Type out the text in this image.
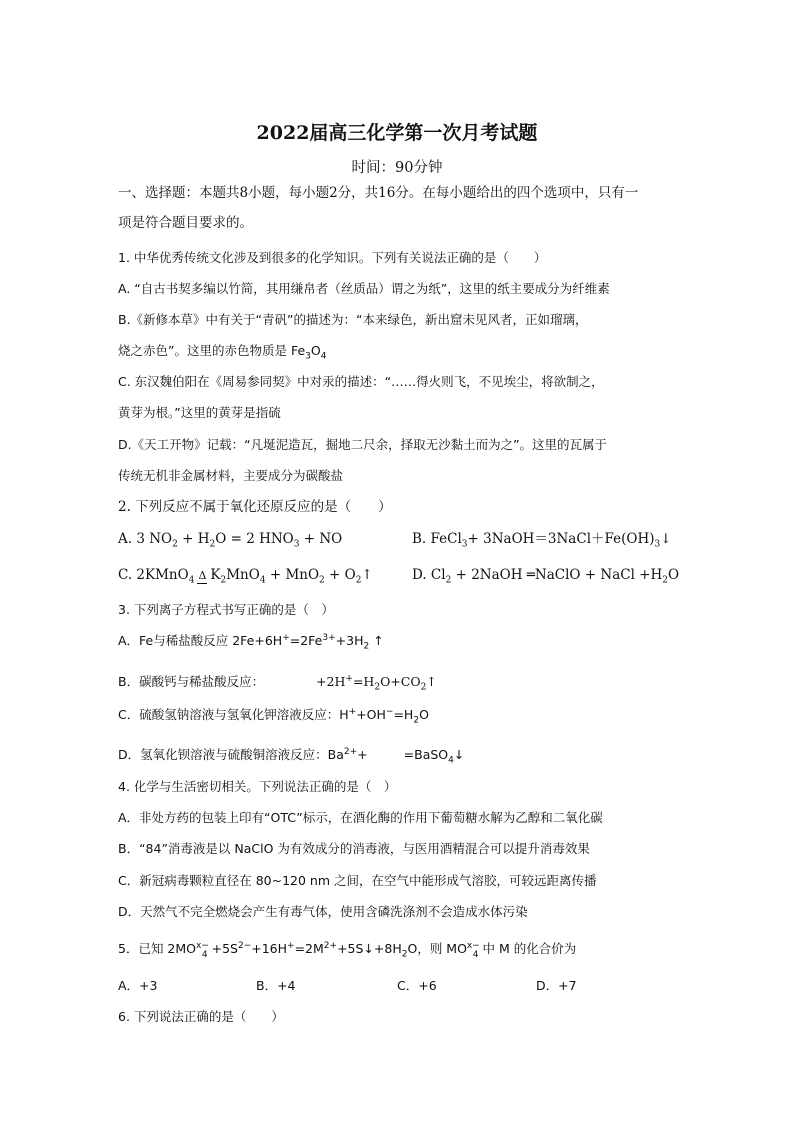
2022届高三化学第一次月考试题
时间：90分钟
一、选择题：本题共8小题，每小题2分，共16分。在每小题给出的四个选项中，只有一
项是符合题目要求的。
1. 中华优秀传统文化涉及到很多的化学知识。下列有关说法正确的是（　　）
A. “自古书契多编以竹简，其用缣帛者（丝质品）谓之为纸”，这里的纸主要成分为纤维素
B.《新修本草》中有关于“青矾”的描述为：“本来绿色，新出窟未见风者，正如瑠璃，
烧之赤色”。这里的赤色物质是 $Fe_3O_4$
C. 东汉魏伯阳在《周易参同契》中对汞的描述：“……得火则飞，不见埃尘，将欲制之，
黄芽为根。”这里的黄芽是指硫
D.《天工开物》记载：“凡埏泥造瓦，掘地二尺余，择取无沙黏土而为之”。这里的瓦属于
传统无机非金属材料，主要成分为碳酸盐
2. 下列反应不属于氧化还原反应的是（　　）
A. 3 $NO_2 + H_2O = 2$ $HNO_3$ + NO	B. FeCl$_3$+ $3NaOH=3NaCl+Fe(OH)_3↓$
C. 2KMnO$_4$ Δ $K_2MnO_4 + MnO_2$ + $O_2↑$	D. $Cl_2$ + 2NaOH ═NaClO + NaCl $+H_2O$
3. 下列离子方程式书写正确的是（　）
A．Fe与稀盐酸反应 $2Fe+6H^+=2Fe^{3+}+3H_2$ ↑
B．碳酸钙与稀盐酸反应：	$+2H^+=H_2O+CO_2↑$
C．硫酸氢钠溶液与氢氧化钾溶液反应：$H^++OH^-=H_2O$
D．氢氧化钡溶液与硫酸铜溶液反应：$Ba^{2+}+$	=BaSO$_4$↓
4. 化学与生活密切相关。下列说法正确的是（　）
A．非处方药的包装上印有“OTC”标示，在酒化酶的作用下葡萄糖水解为乙醇和二氧化碳
B．“84”消毒液是以 NaClO 为有效成分的消毒液，与医用酒精混合可以提升消毒效果
C．新冠病毒颗粒直径在 80~120 nm 之间，在空气中能形成气溶胶，可较远距离传播
D．天然气不完全燃烧会产生有毒气体，使用含磷洗涤剂不会造成水体污染
5．已知 $2MO^{x-}_4$ $+5S^{2-}+16H^+=2M^{2+}+5S↓+8H_2O$，则 $MO^{x-}_4$ 中 M 的化合价为
A．+3	B．+4	C．+6	D．+7
6. 下列说法正确的是（　　）
